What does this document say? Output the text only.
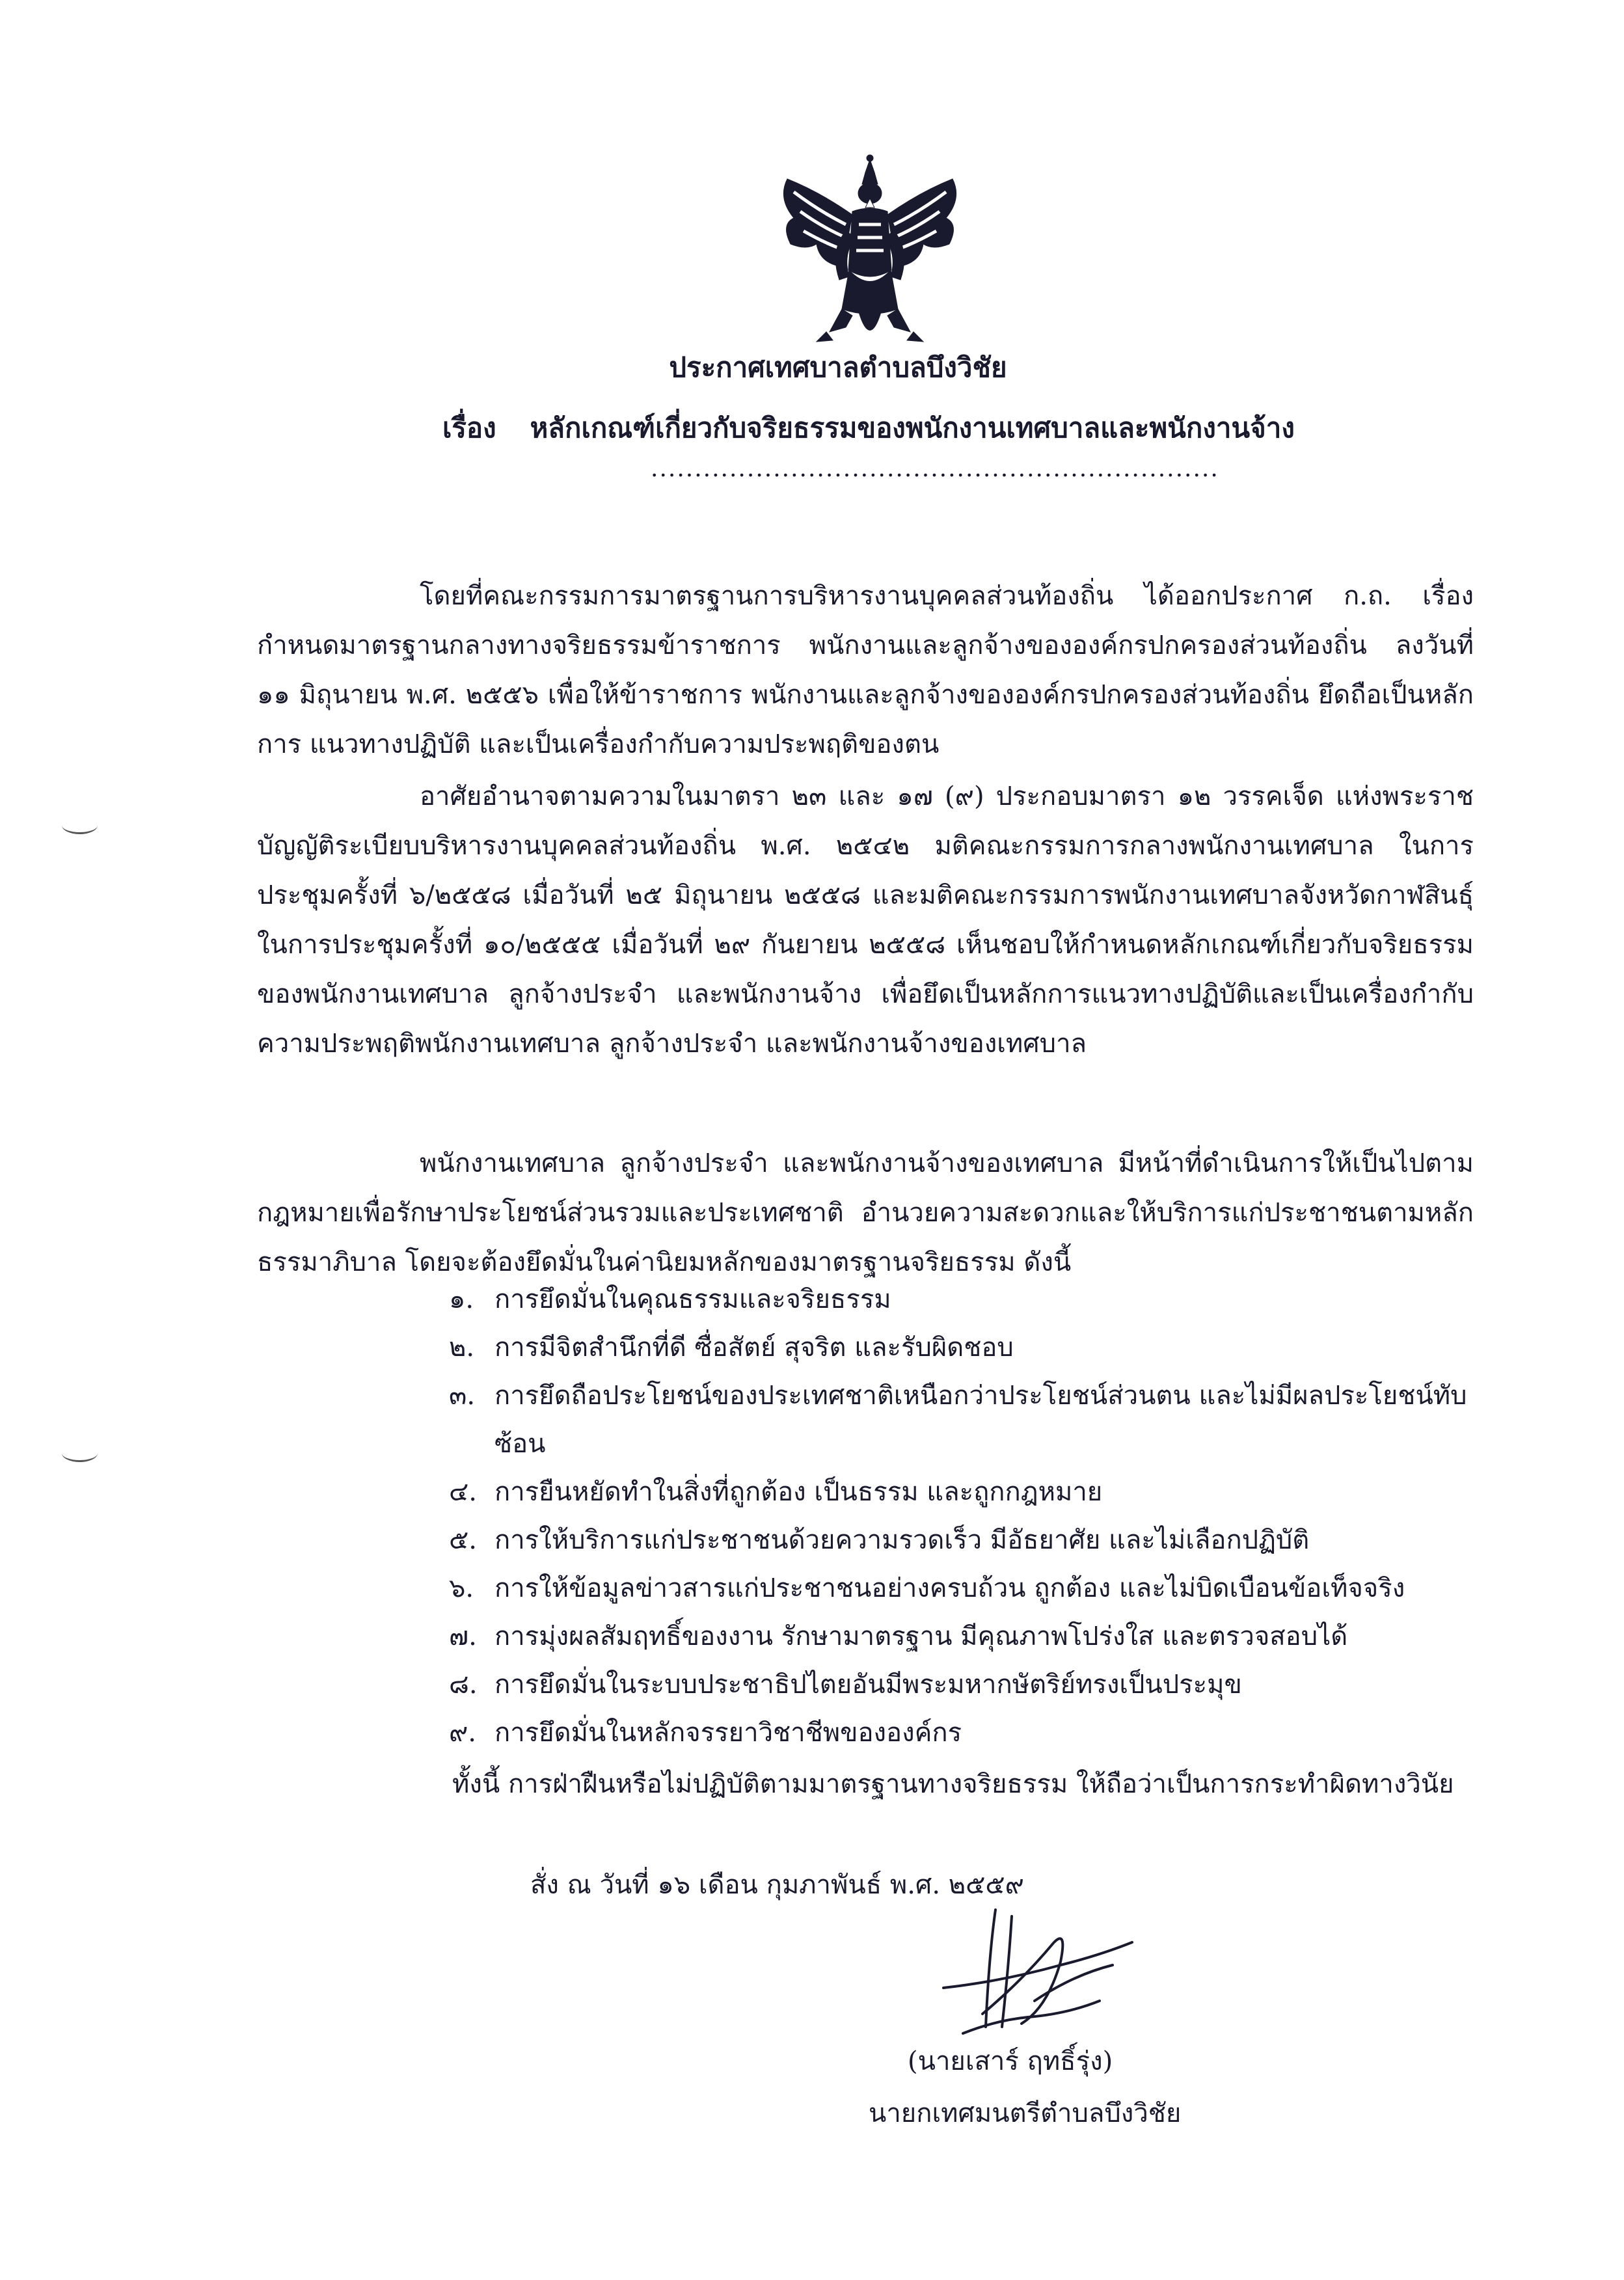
ประกาศเทศบาลตำบลบึงวิชัย
เรื่อง หลักเกณฑ์เกี่ยวกับจริยธรรมของพนักงานเทศบาลและพนักงานจ้าง
.................................................................
โดยที่คณะกรรมการมาตรฐานการบริหารงานบุคคลส่วนท้องถิ่น ได้ออกประกาศ ก.ถ. เรื่อง กำหนดมาตรฐานกลางทางจริยธรรมข้าราชการ พนักงานและลูกจ้างขององค์กรปกครองส่วนท้องถิ่น ลงวันที่ ๑๑ มิถุนายน พ.ศ. ๒๕๕๖ เพื่อให้ข้าราชการ พนักงานและลูกจ้างขององค์กรปกครองส่วนท้องถิ่น ยึดถือเป็นหลักการ แนวทางปฏิบัติ และเป็นเครื่องกำกับความประพฤติของตน
อาศัยอำนาจตามความในมาตรา ๒๓ และ ๑๗ (๙) ประกอบมาตรา ๑๒ วรรคเจ็ด แห่งพระราชบัญญัติระเบียบบริหารงานบุคคลส่วนท้องถิ่น พ.ศ. ๒๕๔๒ มติคณะกรรมการกลางพนักงานเทศบาล ในการประชุมครั้งที่ ๖/๒๕๕๘ เมื่อวันที่ ๒๕ มิถุนายน ๒๕๕๘ และมติคณะกรรมการพนักงานเทศบาลจังหวัดกาฬสินธุ์ ในการประชุมครั้งที่ ๑๐/๒๕๕๕ เมื่อวันที่ ๒๙ กันยายน ๒๕๕๘ เห็นชอบให้กำหนดหลักเกณฑ์เกี่ยวกับจริยธรรมของพนักงานเทศบาล ลูกจ้างประจำ และพนักงานจ้าง เพื่อยึดเป็นหลักการแนวทางปฏิบัติและเป็นเครื่องกำกับความประพฤติพนักงานเทศบาล ลูกจ้างประจำ และพนักงานจ้างของเทศบาล
พนักงานเทศบาล ลูกจ้างประจำ และพนักงานจ้างของเทศบาล มีหน้าที่ดำเนินการให้เป็นไปตามกฎหมายเพื่อรักษาประโยชน์ส่วนรวมและประเทศชาติ อำนวยความสะดวกและให้บริการแก่ประชาชนตามหลักธรรมาภิบาล โดยจะต้องยึดมั่นในค่านิยมหลักของมาตรฐานจริยธรรม ดังนี้
๑. การยึดมั่นในคุณธรรมและจริยธรรม
๒. การมีจิตสำนึกที่ดี ซื่อสัตย์ สุจริต และรับผิดชอบ
๓. การยึดถือประโยชน์ของประเทศชาติเหนือกว่าประโยชน์ส่วนตน และไม่มีผลประโยชน์ทับซ้อน
๔. การยืนหยัดทำในสิ่งที่ถูกต้อง เป็นธรรม และถูกกฎหมาย
๕. การให้บริการแก่ประชาชนด้วยความรวดเร็ว มีอัธยาศัย และไม่เลือกปฏิบัติ
๖. การให้ข้อมูลข่าวสารแก่ประชาชนอย่างครบถ้วน ถูกต้อง และไม่บิดเบือนข้อเท็จจริง
๗. การมุ่งผลสัมฤทธิ์ของงาน รักษามาตรฐาน มีคุณภาพโปร่งใส และตรวจสอบได้
๘. การยึดมั่นในระบบประชาธิปไตยอันมีพระมหากษัตริย์ทรงเป็นประมุข
๙. การยึดมั่นในหลักจรรยาวิชาชีพขององค์กร
ทั้งนี้ การฝ่าฝืนหรือไม่ปฏิบัติตามมาตรฐานทางจริยธรรม ให้ถือว่าเป็นการกระทำผิดทางวินัย
สั่ง ณ วันที่ ๑๖ เดือน กุมภาพันธ์ พ.ศ. ๒๕๕๙
(นายเสาร์ ฤทธิ์รุ่ง)
นายกเทศมนตรีตำบลบึงวิชัย
